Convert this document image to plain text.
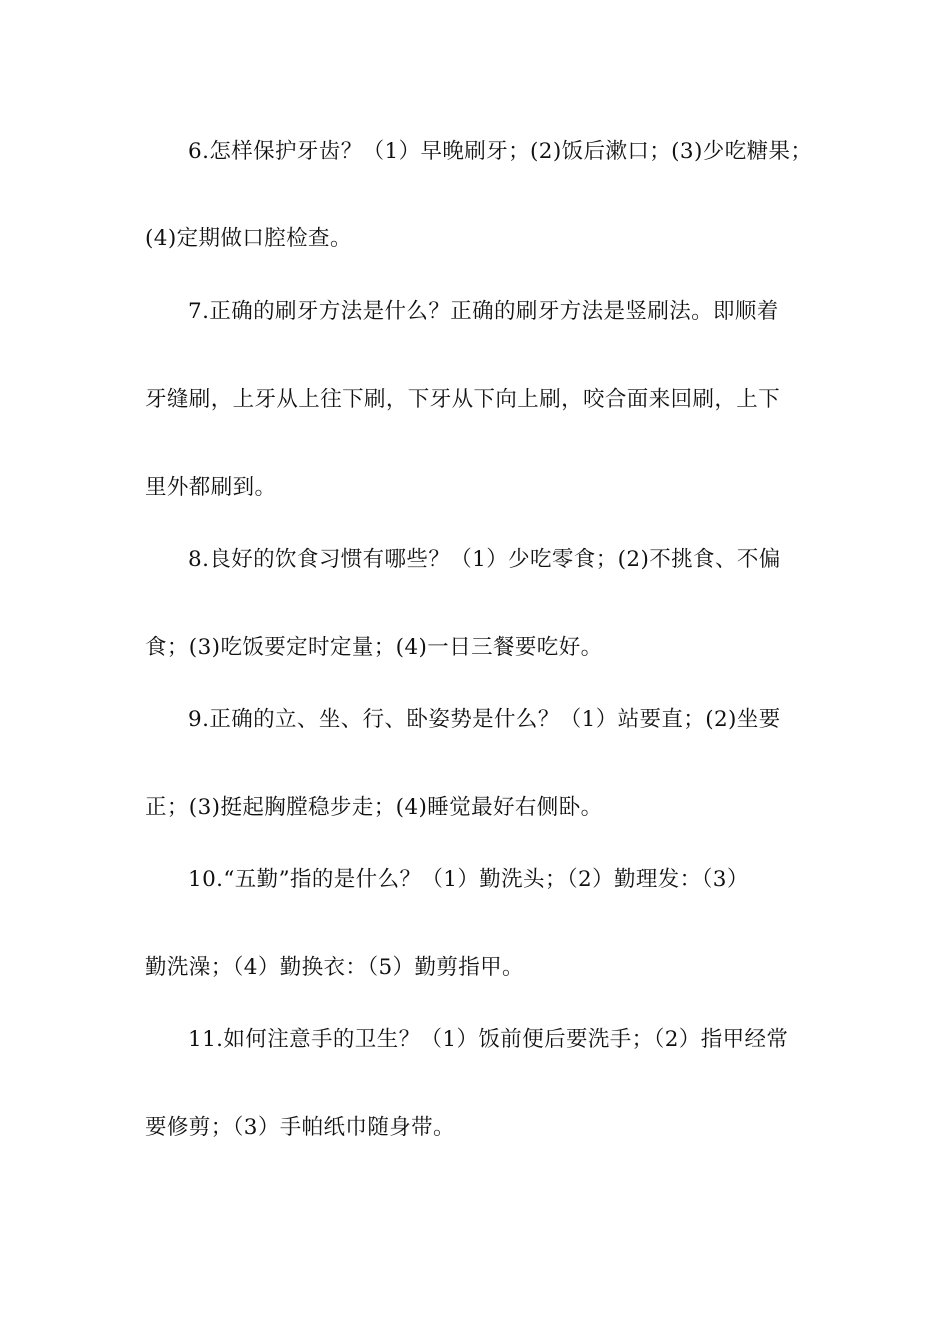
6.怎样保护牙齿？（1）早晚刷牙；(2)饭后漱口；(3)少吃糖果；
(4)定期做口腔检查。
7.正确的刷牙方法是什么？正确的刷牙方法是竖刷法。即顺着
牙缝刷，上牙从上往下刷，下牙从下向上刷，咬合面来回刷，上下
里外都刷到。
8.良好的饮食习惯有哪些？（1）少吃零食；(2)不挑食、不偏
食；(3)吃饭要定时定量；(4)一日三餐要吃好。
9.正确的立、坐、行、卧姿势是什么？（1）站要直；(2)坐要
正；(3)挺起胸膛稳步走；(4)睡觉最好右侧卧。
10.“五勤”指的是什么？（1）勤洗头；（2）勤理发：（3）
勤洗澡；（4）勤换衣：（5）勤剪指甲。
11.如何注意手的卫生？（1）饭前便后要洗手；（2）指甲经常
要修剪；（3）手帕纸巾随身带。
